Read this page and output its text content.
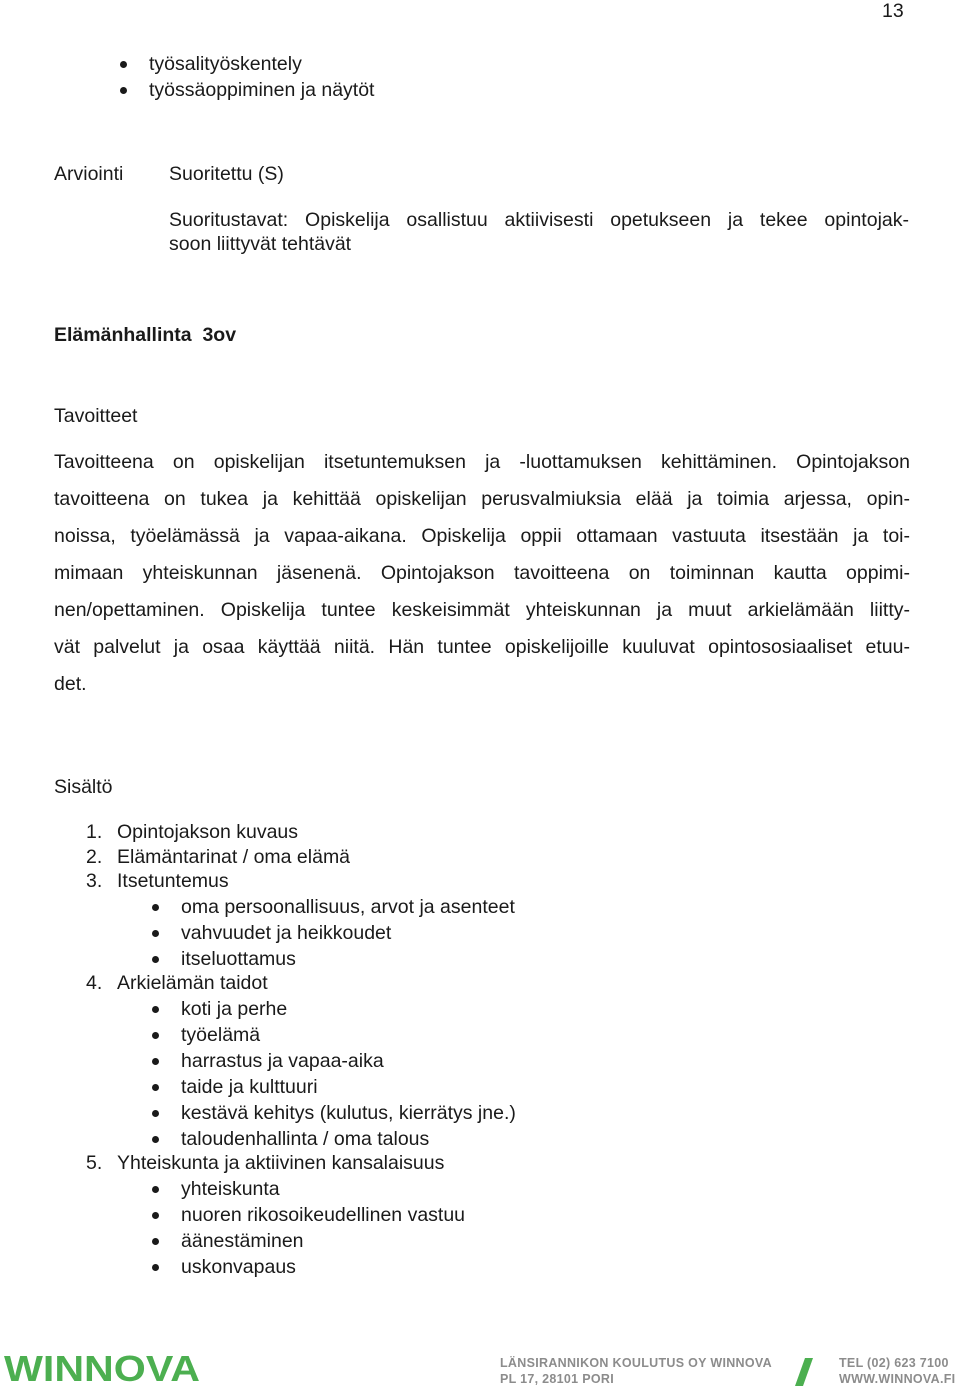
13
työsalityöskentely
työssäoppiminen ja näytöt
Arviointi Suoritettu (S)
Suoritustavat: Opiskelija osallistuu aktiivisesti opetukseen ja tekee opintojak-
soon liittyvät tehtävät
Elämänhallinta  3ov
Tavoitteet
Tavoitteena on opiskelijan itsetuntemuksen ja -luottamuksen kehittäminen. Opintojakson
tavoitteena on tukea ja kehittää opiskelijan perusvalmiuksia elää ja toimia arjessa, opin-
noissa, työelämässä ja vapaa-aikana. Opiskelija oppii ottamaan vastuuta itsestään ja toi-
mimaan yhteiskunnan jäsenenä. Opintojakson tavoitteena on toiminnan kautta oppimi-
nen/opettaminen. Opiskelija tuntee keskeisimmät yhteiskunnan ja muut arkielämään liitty-
vät palvelut ja osaa käyttää niitä. Hän tuntee opiskelijoille kuuluvat opintososiaaliset etuu-
det.
Sisältö
1. Opintojakson kuvaus
2. Elämäntarinat / oma elämä
3. Itsetuntemus
oma persoonallisuus, arvot ja asenteet
vahvuudet ja heikkoudet
itseluottamus
4. Arkielämän taidot
koti ja perhe
työelämä
harrastus ja vapaa-aika
taide ja kulttuuri
kestävä kehitys (kulutus, kierrätys jne.)
taloudenhallinta / oma talous
5. Yhteiskunta ja aktiivinen kansalaisuus
yhteiskunta
nuoren rikosoikeudellinen vastuu
äänestäminen
uskonvapaus
WINNOVA	LÄNSIRANNIKON KOULUTUS OY WINNOVA
PL 17, 28101 PORI
TEL (02) 623 7100
WWW.WINNOVA.FI
